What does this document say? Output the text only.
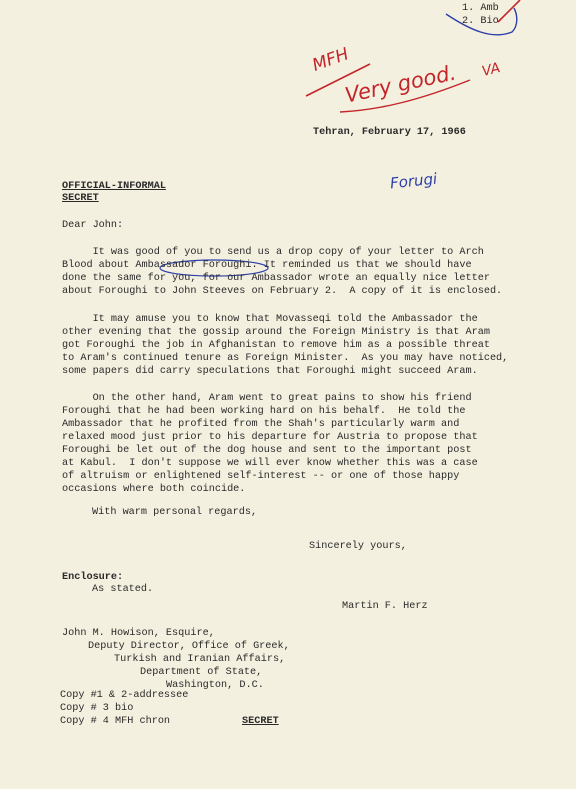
1. Amb
2. Bio
MFH
Very good. VA
Forugi
Tehran, February 17, 1966
OFFICIAL-INFORMAL
SECRET
Dear John:
It was good of you to send us a drop copy of your letter to Arch
Blood about Ambassador Foroughi. It reminded us that we should have
done the same for you, for our Ambassador wrote an equally nice letter
about Foroughi to John Steeves on February 2.  A copy of it is enclosed.
It may amuse you to know that Movasseqi told the Ambassador the
other evening that the gossip around the Foreign Ministry is that Aram
got Foroughi the job in Afghanistan to remove him as a possible threat
to Aram's continued tenure as Foreign Minister.  As you may have noticed,
some papers did carry speculations that Foroughi might succeed Aram.
On the other hand, Aram went to great pains to show his friend
Foroughi that he had been working hard on his behalf.  He told the
Ambassador that he profited from the Shah's particularly warm and
relaxed mood just prior to his departure for Austria to propose that
Foroughi be let out of the dog house and sent to the important post
at Kabul.  I don't suppose we will ever know whether this was a case
of altruism or enlightened self-interest -- or one of those happy
occasions where both coincide.
With warm personal regards,
Sincerely yours,
Enclosure:
As stated.
Martin F. Herz
John M. Howison, Esquire,
Deputy Director, Office of Greek,
Turkish and Iranian Affairs,
Department of State,
Washington, D.C.
Copy #1 & 2-addressee
Copy # 3 bio
Copy # 4 MFH chron	SECRET
